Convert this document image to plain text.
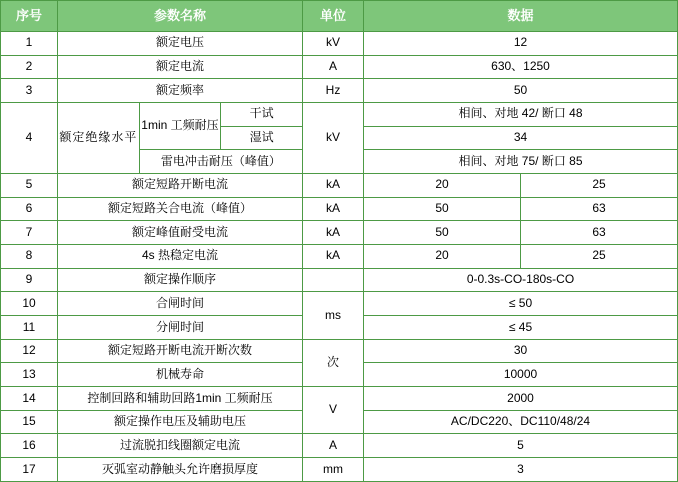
序号	参数名称			单位	数据	
1	额定电压			kV	12	
2	额定电流			A	630、1250	
3	额定频率			Hz	50	
4	额定绝缘水平	1min 工频耐压	干试	kV	相间、对地 42/ 断口 48	
			湿试		34	
		雷电冲击耐压（峰值）			相间、对地 75/ 断口 85	
5	额定短路开断电流			kA	20	25
6	额定短路关合电流（峰值）			kA	50	63
7	额定峰值耐受电流			kA	50	63
8	4s 热稳定电流			kA	20	25
9	额定操作顺序				0-0.3s-CO-180s-CO	
10	合闸时间			ms	≤ 50	
11	分闸时间				≤ 45	
12	额定短路开断电流开断次数			次	30	
13	机械寿命				10000	
14	控制回路和辅助回路1min 工频耐压			V	2000	
15	额定操作电压及辅助电压				AC/DC220、DC110/48/24	
16	过流脱扣线圈额定电流			A	5	
17	灭弧室动静触头允许磨损厚度			mm	3	
